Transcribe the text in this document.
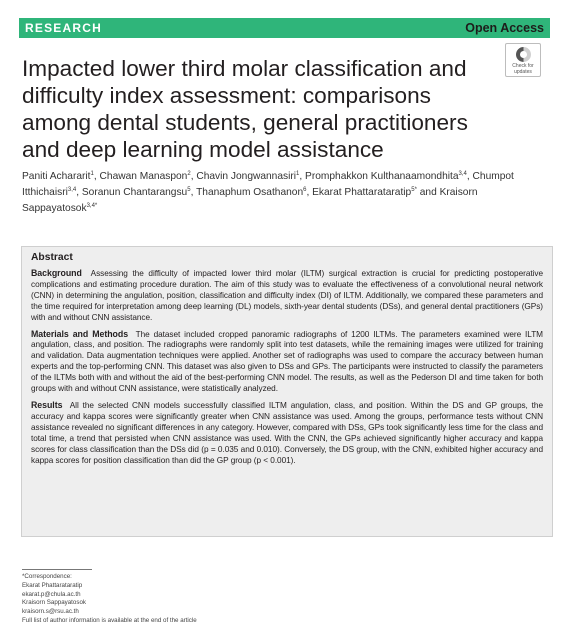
RESEARCH	Open Access
Check for
updates
Impacted lower third molar classification and difficulty index assessment: comparisons among dental students, general practitioners and deep learning model assistance
Paniti Achararit$^1$, Chawan Manaspon$^2$, Chavin Jongwannasiri$^1$, Promphakkon Kulthanaamondhita$^{3,4}$, Chumpot Itthichaisri$^{3,4}$, Soranun Chantarangsu$^5$, Thanaphum Osathanon$^6$, Ekarat Phattarataratip$^{5*}$ and Kraisorn Sappayatosok$^{3,4*}$
Abstract

Background Assessing the difficulty of impacted lower third molar (ILTM) surgical extraction is crucial for predicting postoperative complications and estimating procedure duration. The aim of this study was to evaluate the effectiveness of a convolutional neural network (CNN) in determining the angulation, position, classification and difficulty index (DI) of ILTM. Additionally, we compared these parameters and the time required for interpretation among deep learning (DL) models, sixth-year dental students (DSs), and general dental practitioners (GPs) with and without CNN assistance.

Materials and Methods The dataset included cropped panoramic radiographs of 1200 ILTMs. The parameters examined were ILTM angulation, class, and position. The radiographs were randomly split into test datasets, while the remaining images were utilized for training and validation. Data augmentation techniques were applied. Another set of radiographs was used to compare the accuracy between human experts and the top-performing CNN. This dataset was also given to DSs and GPs. The participants were instructed to classify the parameters of the ILTMs both with and without the aid of the best-performing CNN model. The results, as well as the Pederson DI and time taken for both groups with and without CNN assistance, were statistically analyzed.

Results All the selected CNN models successfully classified ILTM angulation, class, and position. Within the DS and GP groups, the accuracy and kappa scores were significantly greater when CNN assistance was used. Among the groups, performance tests without CNN assistance revealed no significant differences in any category. However, compared with DSs, GPs took significantly less time for the class and total time, a trend that persisted when CNN assistance was used. With the CNN, the GPs achieved significantly higher accuracy and kappa scores for class classification than the DSs did (p = 0.035 and 0.010). Conversely, the DS group, with the CNN, exhibited higher accuracy and kappa scores for position classification than did the GP group (p < 0.001).

*Correspondence:
Ekarat Phattarataratip
ekarat.p@chula.ac.th
Kraisorn Sappayatosok
kraisorn.s@rsu.ac.th
Full list of author information is available at the end of the article
